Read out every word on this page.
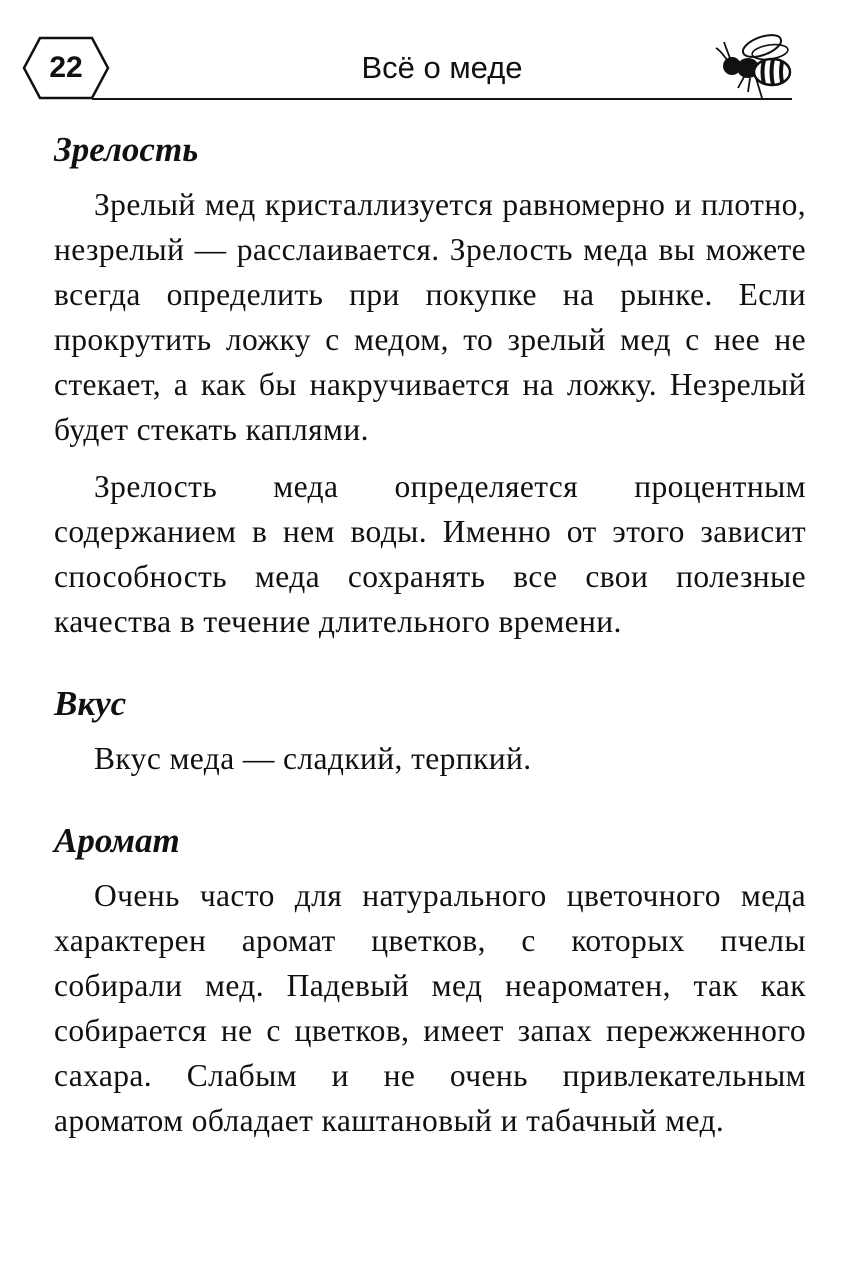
22	Всё о меде
Зрелость

Зрелый мед кристаллизуется равномерно и плотно, незрелый — расслаивается. Зрелость меда вы можете всегда определить при покупке на рынке. Если прокрутить ложку с медом, то зрелый мед с нее не стекает, а как бы накручивается на ложку. Незрелый будет стекать каплями.

Зрелость меда определяется процентным содержанием в нем воды. Именно от этого зависит способность меда сохранять все свои полезные качества в течение длительного времени.

Вкус

Вкус меда — сладкий, терпкий.

Аромат

Очень часто для натурального цветочного меда характерен аромат цветков, с которых пчелы собирали мед. Падевый мед неароматен, так как собирается не с цветков, имеет запах пережженного сахара. Слабым и не очень привлекательным ароматом обладает каштановый и табачный мед.
